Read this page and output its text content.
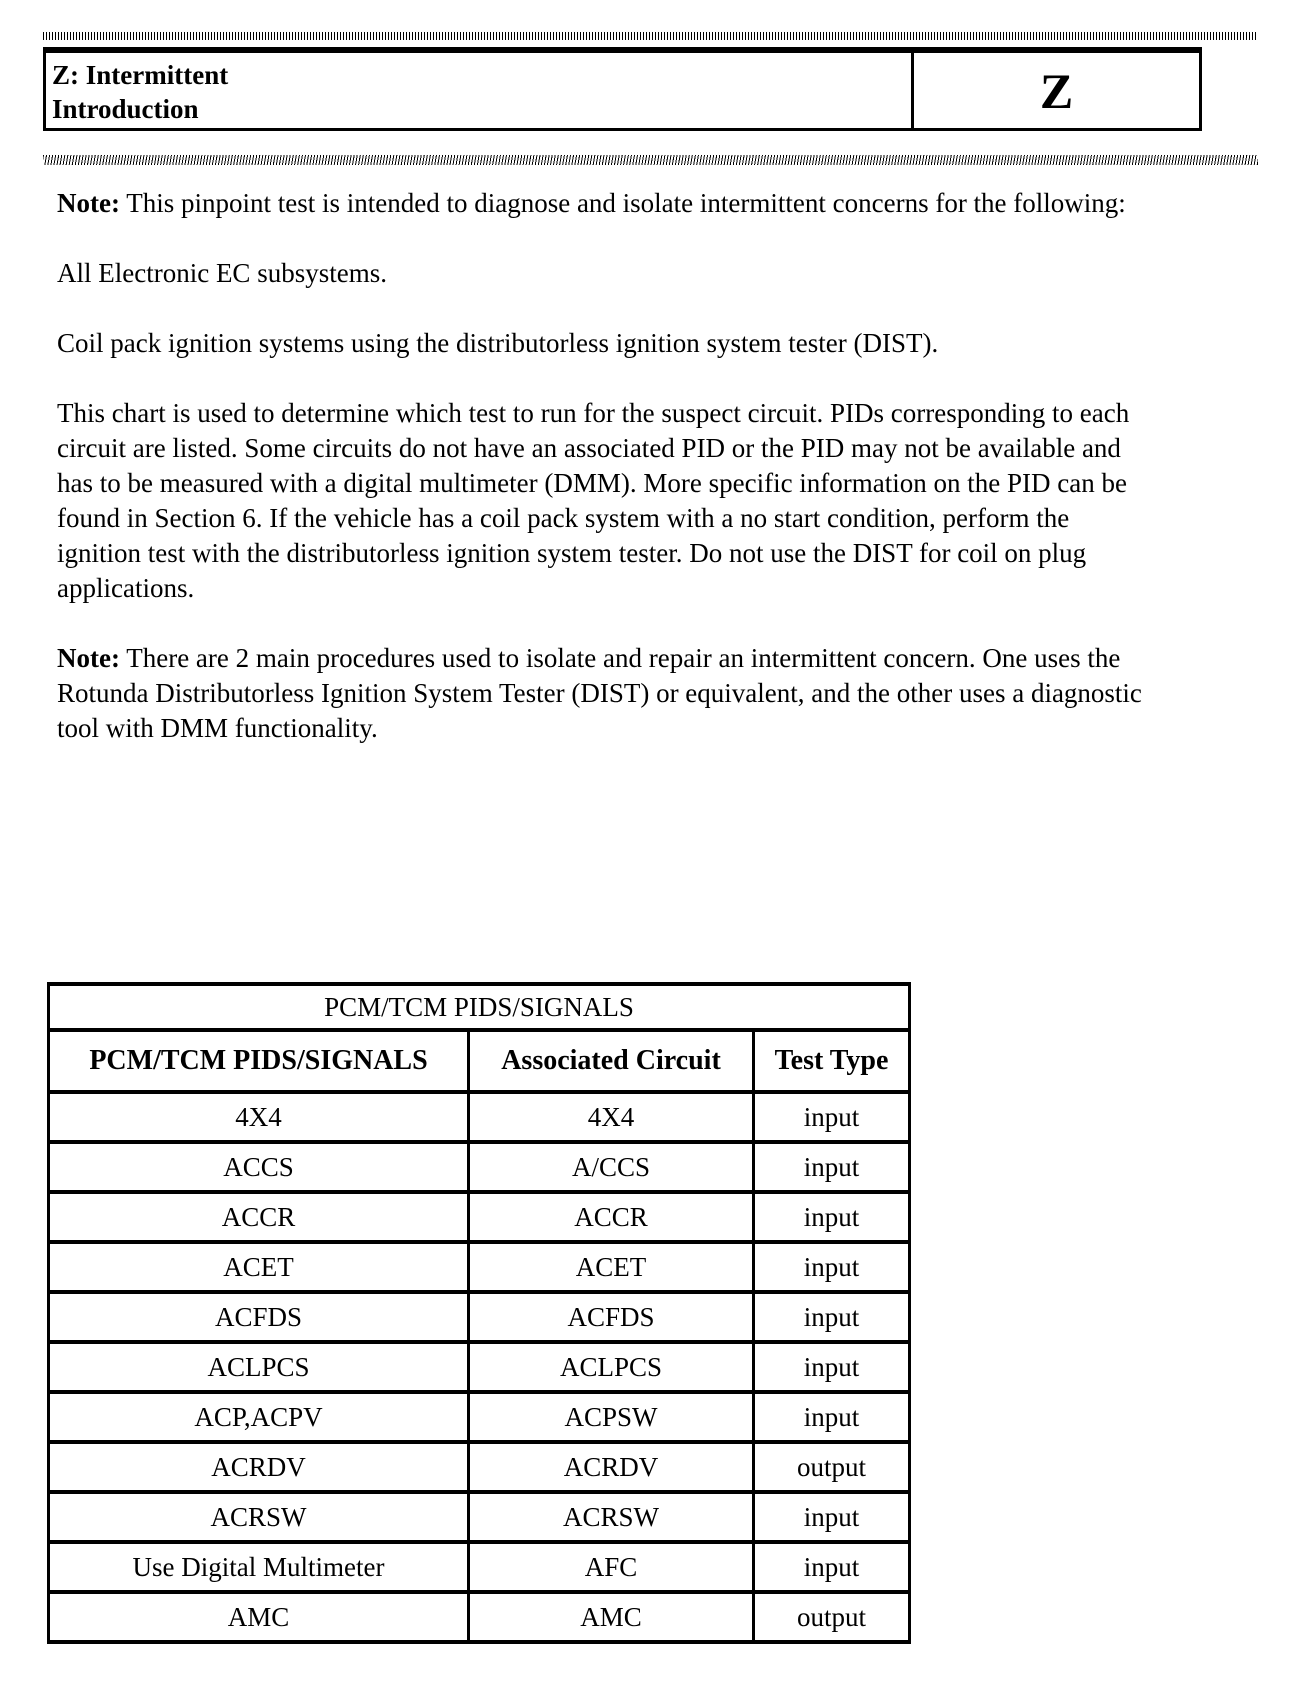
Z: Intermittent
Introduction	Z

Note: This pinpoint test is intended to diagnose and isolate intermittent concerns for the following:

All Electronic EC subsystems.

Coil pack ignition systems using the distributorless ignition system tester (DIST).

This chart is used to determine which test to run for the suspect circuit. PIDs corresponding to each circuit are listed. Some circuits do not have an associated PID or the PID may not be available and has to be measured with a digital multimeter (DMM). More specific information on the PID can be found in Section 6. If the vehicle has a coil pack system with a no start condition, perform the ignition test with the distributorless ignition system tester. Do not use the DIST for coil on plug applications.

Note: There are 2 main procedures used to isolate and repair an intermittent concern. One uses the Rotunda Distributorless Ignition System Tester (DIST) or equivalent, and the other uses a diagnostic tool with DMM functionality.

PCM/TCM PIDS/SIGNALS		
PCM/TCM PIDS/SIGNALS	Associated Circuit	Test Type
4X4	4X4	input
ACCS	A/CCS	input
ACCR	ACCR	input
ACET	ACET	input
ACFDS	ACFDS	input
ACLPCS	ACLPCS	input
ACP,ACPV	ACPSW	input
ACRDV	ACRDV	output
ACRSW	ACRSW	input
Use Digital Multimeter	AFC	input
AMC	AMC	output
